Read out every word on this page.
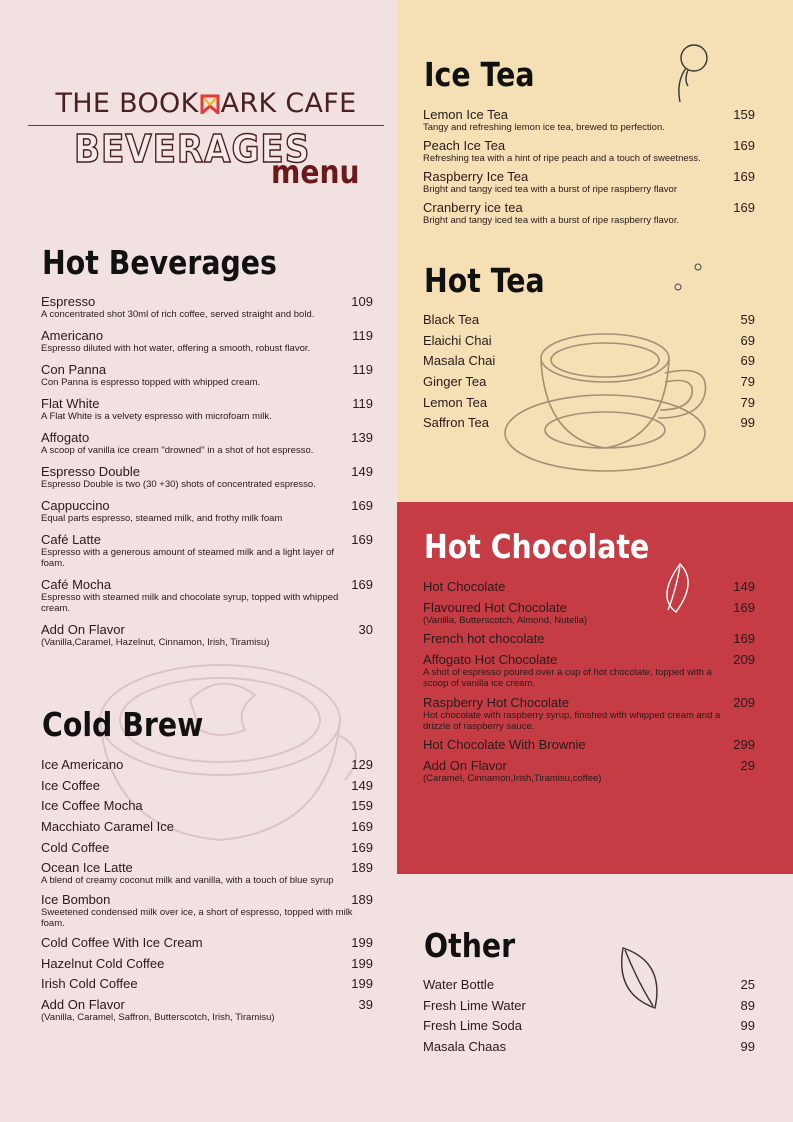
THE BOOK ARK CAFE
BEVERAGES
menu
Hot Beverages
Espresso	109
A concentrated shot 30ml of rich coffee, served straight and bold.
Americano	119
Espresso diluted with hot water, offering a smooth, robust flavor.
Con Panna	119
Con Panna is espresso topped with whipped cream.
Flat White	119
A Flat White is a velvety espresso with microfoam milk.
Affogato	139
A scoop of vanilla ice cream "drowned" in a shot of hot espresso.
Espresso Double	149
Espresso Double is two (30 +30) shots of concentrated espresso.
Cappuccino	169
Equal parts espresso, steamed milk, and frothy milk foam
Café Latte	169
Espresso with a generous amount of steamed milk and a light layer of foam.
Café Mocha	169
Espresso with steamed milk and chocolate syrup, topped with whipped cream.
Add On Flavor	30
(Vanilla,Caramel, Hazelnut, Cinnamon, Irish, Tiramisu)
Cold Brew
Ice Americano	129
Ice Coffee	149
Ice Coffee Mocha	159
Macchiato Caramel Ice	169
Cold Coffee	169
Ocean Ice Latte	189
A blend of creamy coconut milk and vanilla, with a touch of blue syrup
Ice Bombon	189
Sweetened condensed milk over ice, a short of espresso, topped with milk foam.
Cold Coffee With Ice Cream	199
Hazelnut Cold Coffee	199
Irish Cold Coffee	199
Add On Flavor	39
(Vanilla, Caramel, Saffron, Butterscotch, Irish, Tiramisu)
Ice Tea
Lemon Ice Tea	159
Tangy and refreshing lemon ice tea, brewed to perfection.
Peach Ice Tea	169
Refreshing tea with a hint of ripe peach and a touch of sweetness.
Raspberry Ice Tea	169
Bright and tangy iced tea with a burst of ripe raspberry flavor
Cranberry ice tea	169
Bright and tangy iced tea with a burst of ripe raspberry flavor.
Hot Tea
Black Tea	59
Elaichi Chai	69
Masala Chai	69
Ginger Tea	79
Lemon Tea	79
Saffron Tea	99
Hot Chocolate
Hot Chocolate	149
Flavoured Hot Chocolate	169
(Vanilla, Butterscotch, Almond, Nutella)
French hot chocolate	169
Affogato Hot Chocolate	209
A shot of espresso poured over a cup of hot chocolate, topped with a scoop of vanilla ice cream.
Raspberry Hot Chocolate	209
Hot chocolate with raspberry syrup, finished with whipped cream and a drizzle of raspberry sauce.
Hot Chocolate With Brownie	299
Add On Flavor	29
(Caramel, Cinnamon,Irish,Tiramisu,coffee)
Other
Water Bottle	25
Fresh Lime Water	89
Fresh Lime Soda	99
Masala Chaas	99
